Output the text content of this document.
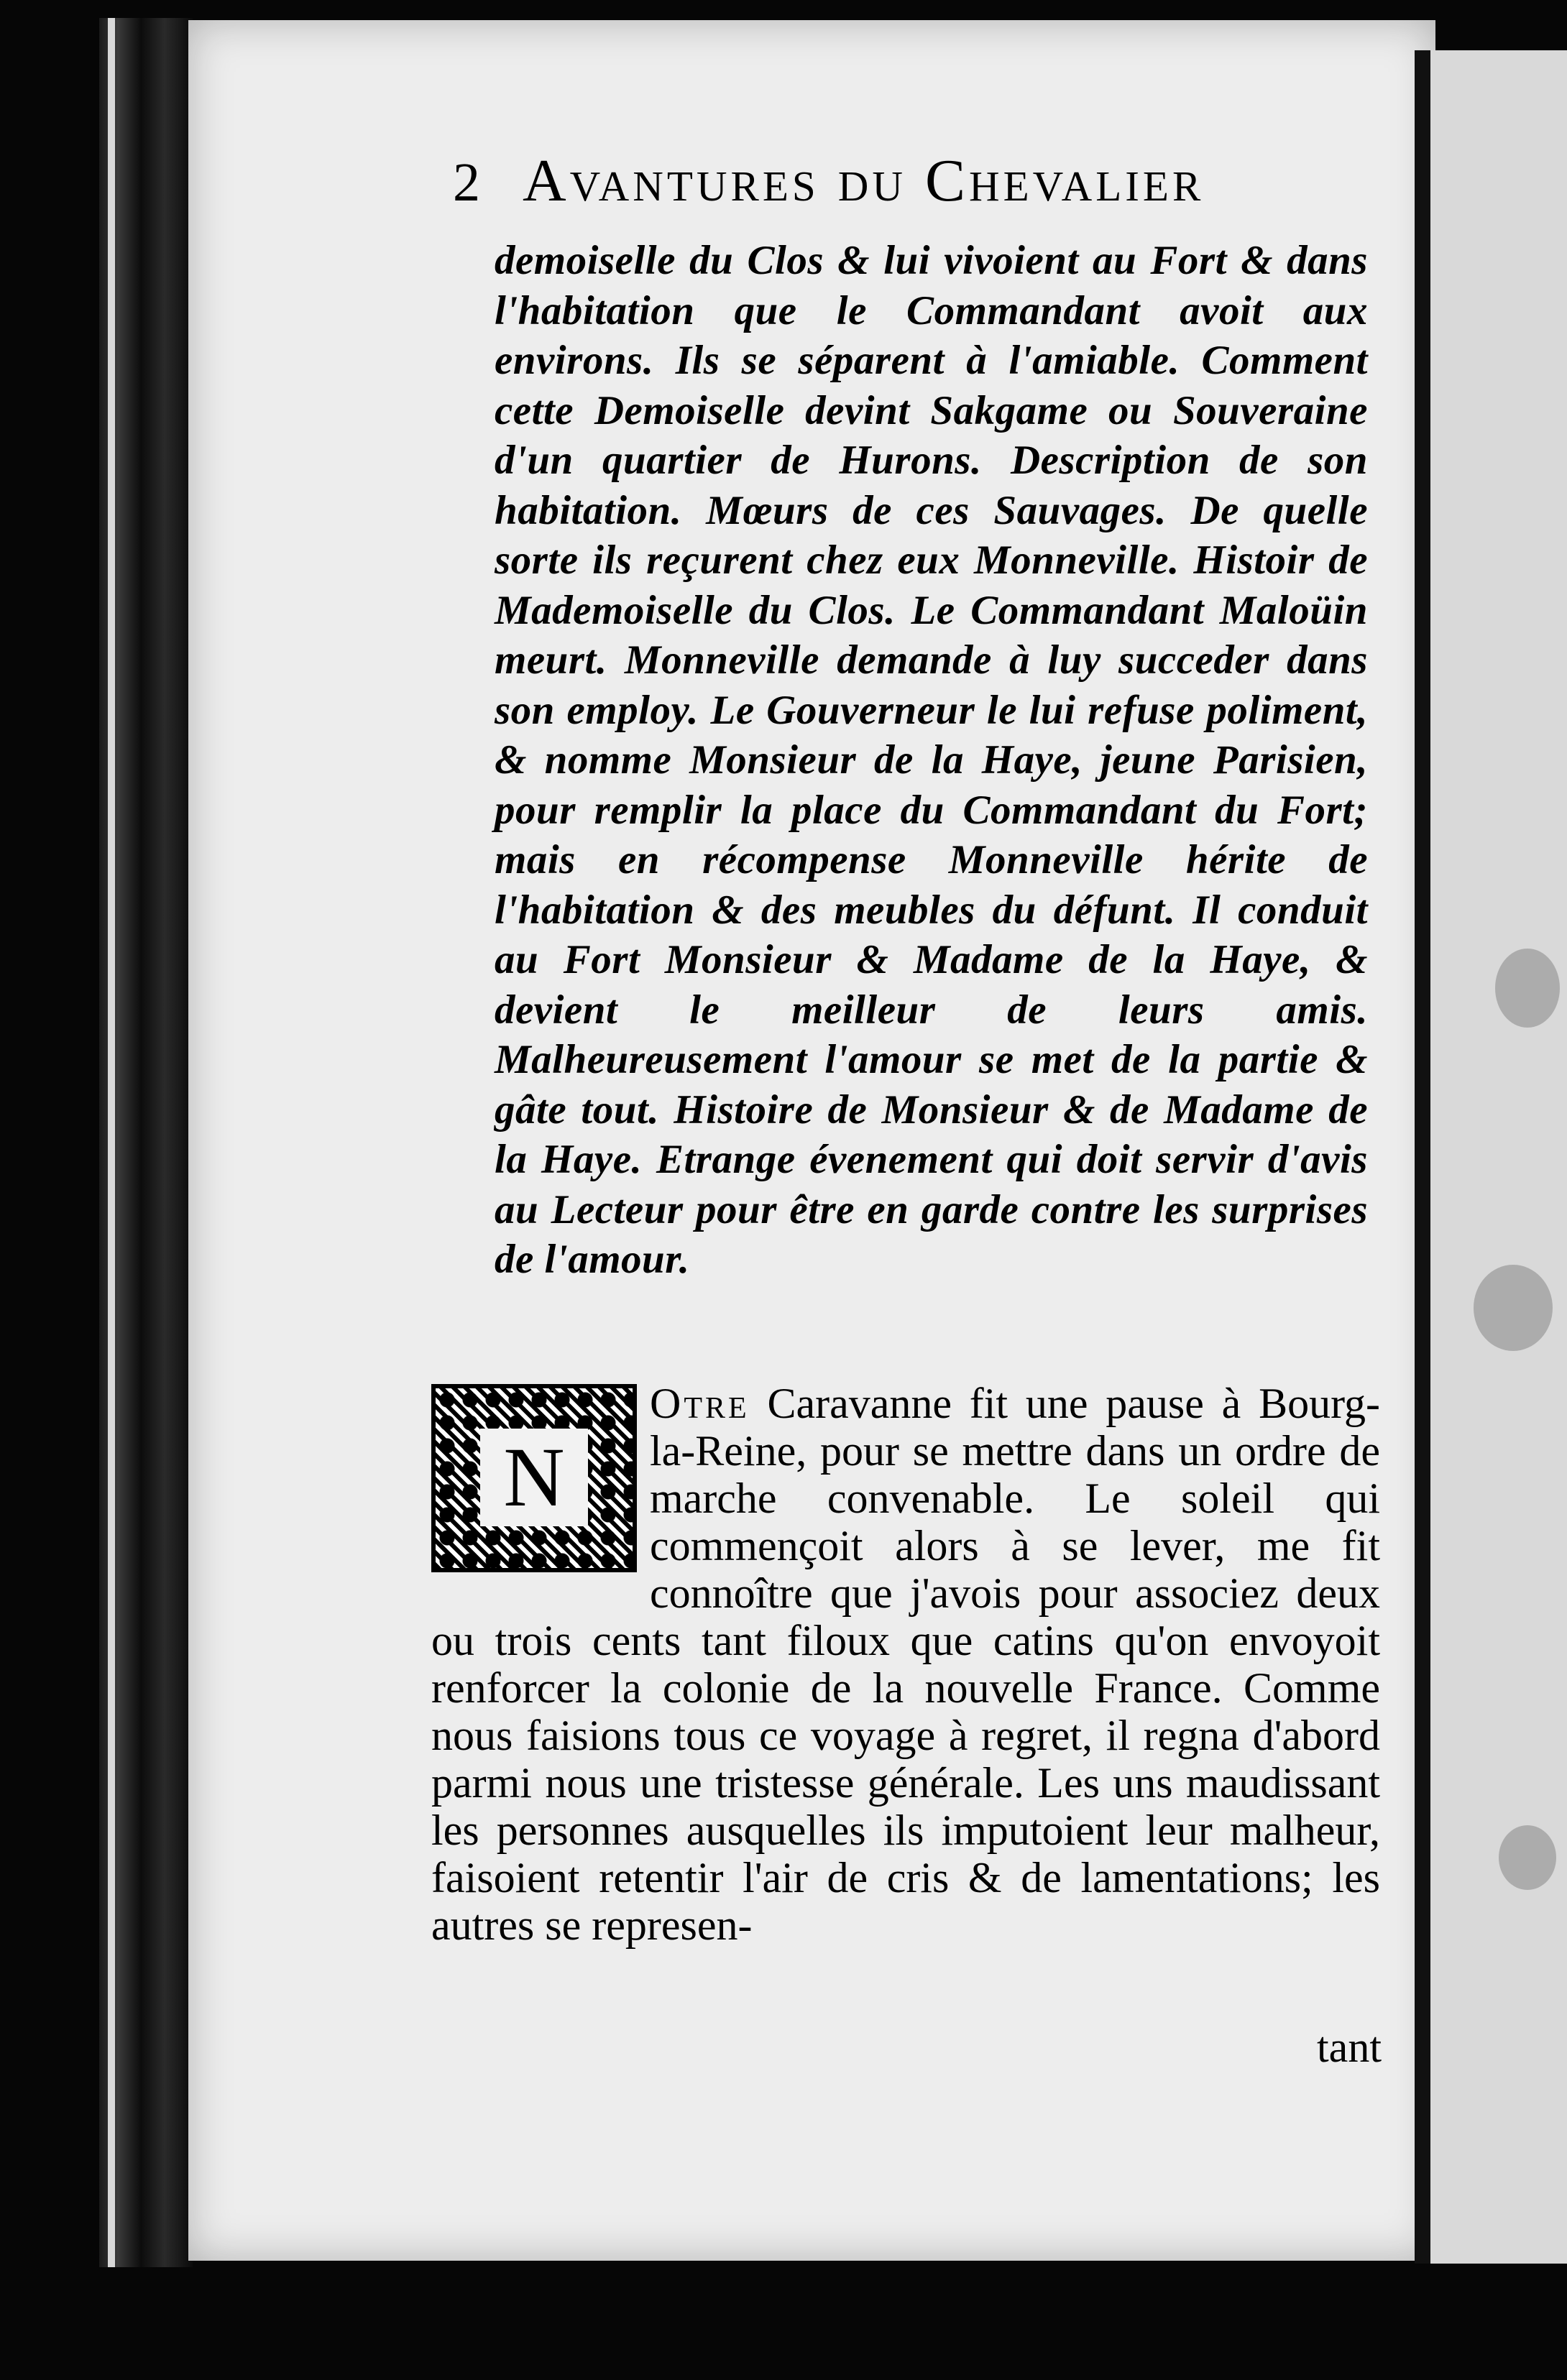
2 Avantures du Chevalier
demoiselle du Clos & lui vivoient au Fort & dans l'habitation que le Commandant avoit aux environs. Ils se séparent à l'amiable. Comment cette Demoiselle devint Sakgame ou Souveraine d'un quartier de Hurons. Description de son habitation. Mœurs de ces Sauvages. De quelle sorte ils reçurent chez eux Monneville. Histoir de Mademoiselle du Clos. Le Commandant Maloüin meurt. Monneville demande à luy succeder dans son employ. Le Gouverneur le lui refuse poliment, & nomme Monsieur de la Haye, jeune Parisien, pour remplir la place du Commandant du Fort; mais en récompense Monneville hérite de l'habitation & des meubles du défunt. Il conduit au Fort Monsieur & Madame de la Haye, & devient le meilleur de leurs amis. Malheureusement l'amour se met de la partie & gâte tout. Histoire de Monsieur & de Madame de la Haye. Etrange évenement qui doit servir d'avis au Lecteur pour être en garde contre les surprises de l'amour.
N
Otre Caravanne fit une pause à Bourg-la-Reine, pour se mettre dans un ordre de marche convenable. Le soleil qui commençoit alors à se lever, me fit connoître que j'avois pour associez deux ou trois cents tant filoux que catins qu'on envoyoit renforcer la colonie de la nouvelle France. Comme nous faisions tous ce voyage à regret, il regna d'abord parmi nous une tristesse générale. Les uns maudissant les personnes ausquelles ils imputoient leur malheur, faisoient retentir l'air de cris & de lamentations; les autres se represen-
tant
